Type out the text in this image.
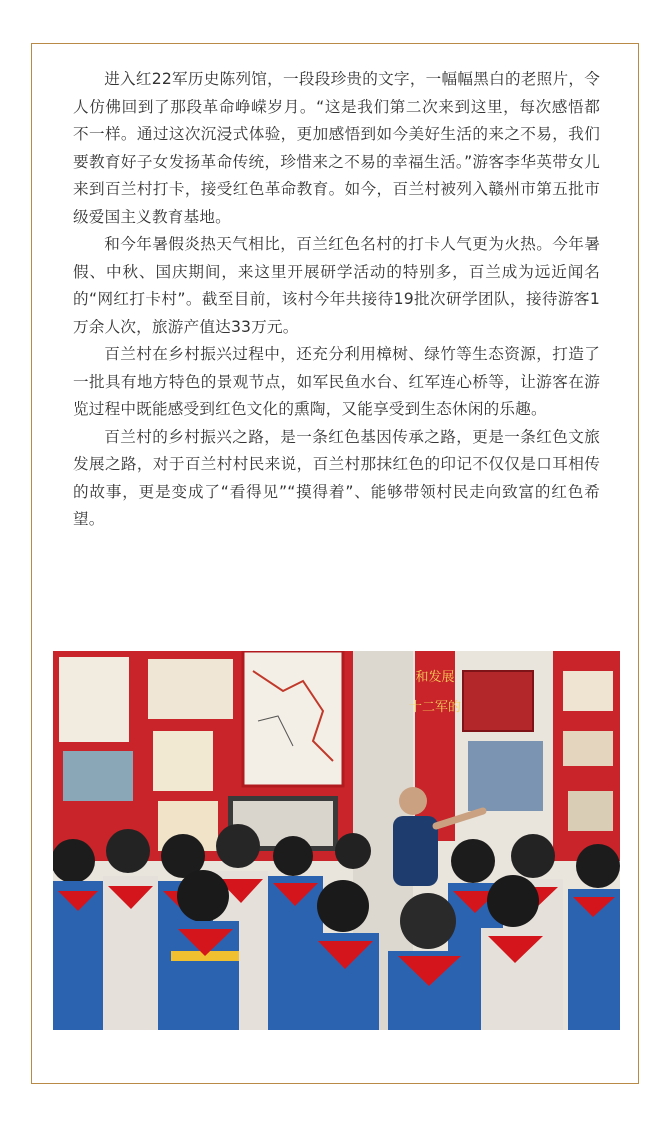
进入红22军历史陈列馆，一段段珍贵的文字，一幅幅黑白的老照片，令人仿佛回到了那段革命峥嵘岁月。“这是我们第二次来到这里，每次感悟都不一样。通过这次沉浸式体验，更加感悟到如今美好生活的来之不易，我们要教育好子女发扬革命传统，珍惜来之不易的幸福生活。”游客李华英带女儿来到百兰村打卡，接受红色革命教育。如今，百兰村被列入赣州市第五批市级爱国主义教育基地。

和今年暑假炎热天气相比，百兰红色名村的打卡人气更为火热。今年暑假、中秋、国庆期间，来这里开展研学活动的特别多，百兰成为远近闻名的“网红打卡村”。截至目前，该村今年共接待19批次研学团队，接待游客1万余人次，旅游产值达33万元。

百兰村在乡村振兴过程中，还充分利用樟树、绿竹等生态资源，打造了一批具有地方特色的景观节点，如军民鱼水台、红军连心桥等，让游客在游览过程中既能感受到红色文化的熏陶，又能享受到生态休闲的乐趣。

百兰村的乡村振兴之路，是一条红色基因传承之路，更是一条红色文旅发展之路，对于百兰村村民来说，百兰村那抹红色的印记不仅仅是口耳相传的故事，更是变成了“看得见”“摸得着”、能够带领村民走向致富的红色希望。

和发展
十二军的
